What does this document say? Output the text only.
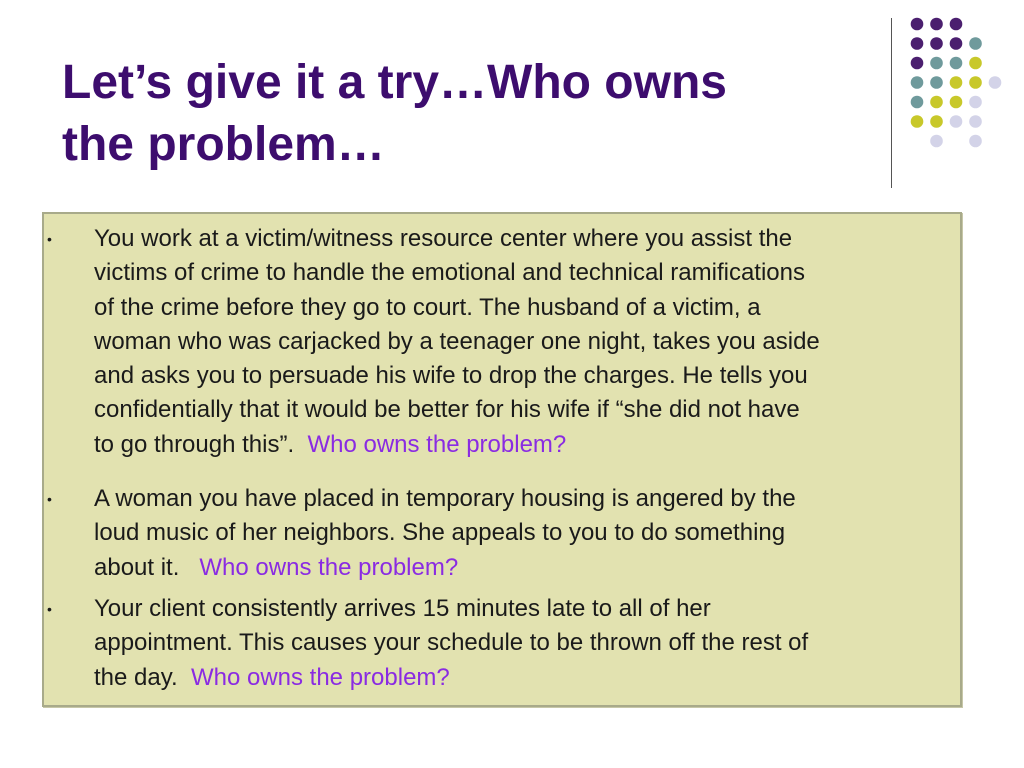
Let’s give it a try…Who owns
the problem…
• You work at a victim/witness resource center where you assist the
victims of crime to handle the emotional and technical ramifications
of the crime before they go to court. The husband of a victim, a
woman who was carjacked by a teenager one night, takes you aside
and asks you to persuade his wife to drop the charges. He tells you
confidentially that it would be better for his wife if “she did not have
to go through this”.  Who owns the problem?
• A woman you have placed in temporary housing is angered by the
loud music of her neighbors. She appeals to you to do something
about it.   Who owns the problem?
• Your client consistently arrives 15 minutes late to all of her
appointment. This causes your schedule to be thrown off the rest of
the day.  Who owns the problem?
